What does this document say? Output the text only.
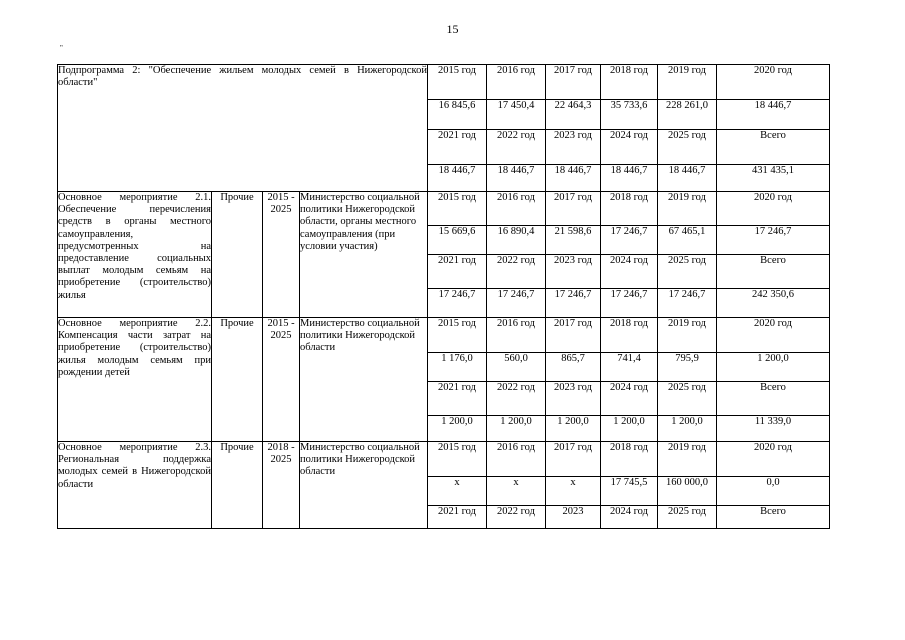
15
"
Подпрограмма 2: "Обеспечение жильем молодых семей в Нижегородской области"				2015 год	2016 год	2017 год	2018 год	2019 год	2020 год
				16 845,6	17 450,4	22 464,3	35 733,6	228 261,0	18 446,7
				2021 год	2022 год	2023 год	2024 год	2025 год	Всего
				18 446,7	18 446,7	18 446,7	18 446,7	18 446,7	431 435,1
Основное мероприятие 2.1. Обеспечение перечисления средств в органы местного самоуправления, предусмотренных на предоставление социальных выплат молодым семьям на приобретение (строительство) жилья	Прочие	2015 - 2025	Министерство социальной политики Нижегородской области, органы местного самоуправления (при условии участия)	2015 год	2016 год	2017 год	2018 год	2019 год	2020 год
				15 669,6	16 890,4	21 598,6	17 246,7	67 465,1	17 246,7
				2021 год	2022 год	2023 год	2024 год	2025 год	Всего
				17 246,7	17 246,7	17 246,7	17 246,7	17 246,7	242 350,6
Основное мероприятие 2.2. Компенсация части затрат на приобретение (строительство) жилья молодым семьям при рождении детей	Прочие	2015 - 2025	Министерство социальной политики Нижегородской области	2015 год	2016 год	2017 год	2018 год	2019 год	2020 год
				1 176,0	560,0	865,7	741,4	795,9	1 200,0
				2021 год	2022 год	2023 год	2024 год	2025 год	Всего
				1 200,0	1 200,0	1 200,0	1 200,0	1 200,0	11 339,0
Основное мероприятие 2.3. Региональная поддержка молодых семей в Нижегородской области	Прочие	2018 - 2025	Министерство социальной политики Нижегородской области	2015 год	2016 год	2017 год	2018 год	2019 год	2020 год
				x	x	x	17 745,5	160 000,0	0,0
				2021 год	2022 год	2023	2024 год	2025 год	Всего
